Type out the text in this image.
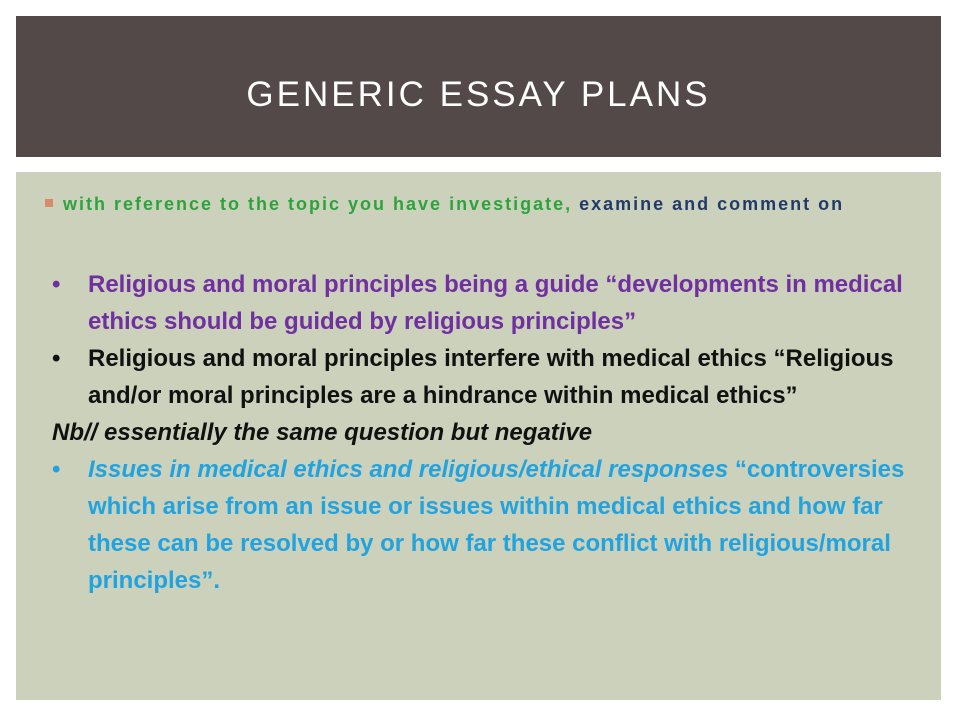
GENERIC ESSAY PLANS
with reference to the topic you have investigate, examine and comment on
• Religious and moral principles being a guide “developments in medical ethics should be guided by religious principles”
• Religious and moral principles interfere with medical ethics “Religious and/or moral principles are a hindrance within medical ethics”
Nb// essentially the same question but negative
• Issues in medical ethics and religious/ethical responses “controversies which arise from an issue or issues within medical ethics and how far these can be resolved by or how far these conflict with religious/moral principles”.
